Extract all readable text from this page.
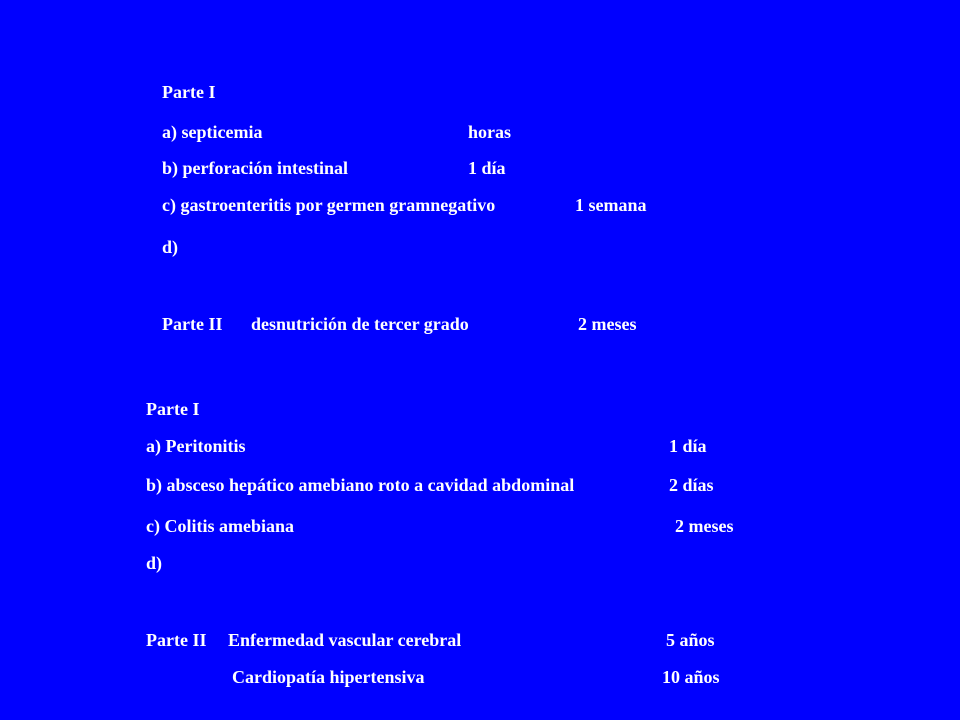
Parte I
a) septicemia	horas
b) perforación intestinal	1 día
c) gastroenteritis por germen gramnegativo	1 semana
d)
Parte II desnutrición de tercer grado	2 meses
Parte I
a) Peritonitis	1 día
b) absceso hepático amebiano roto a cavidad abdominal	2 días
c) Colitis amebiana	2 meses
d)
Parte II Enfermedad vascular cerebral	5 años
Cardiopatía hipertensiva	10 años
